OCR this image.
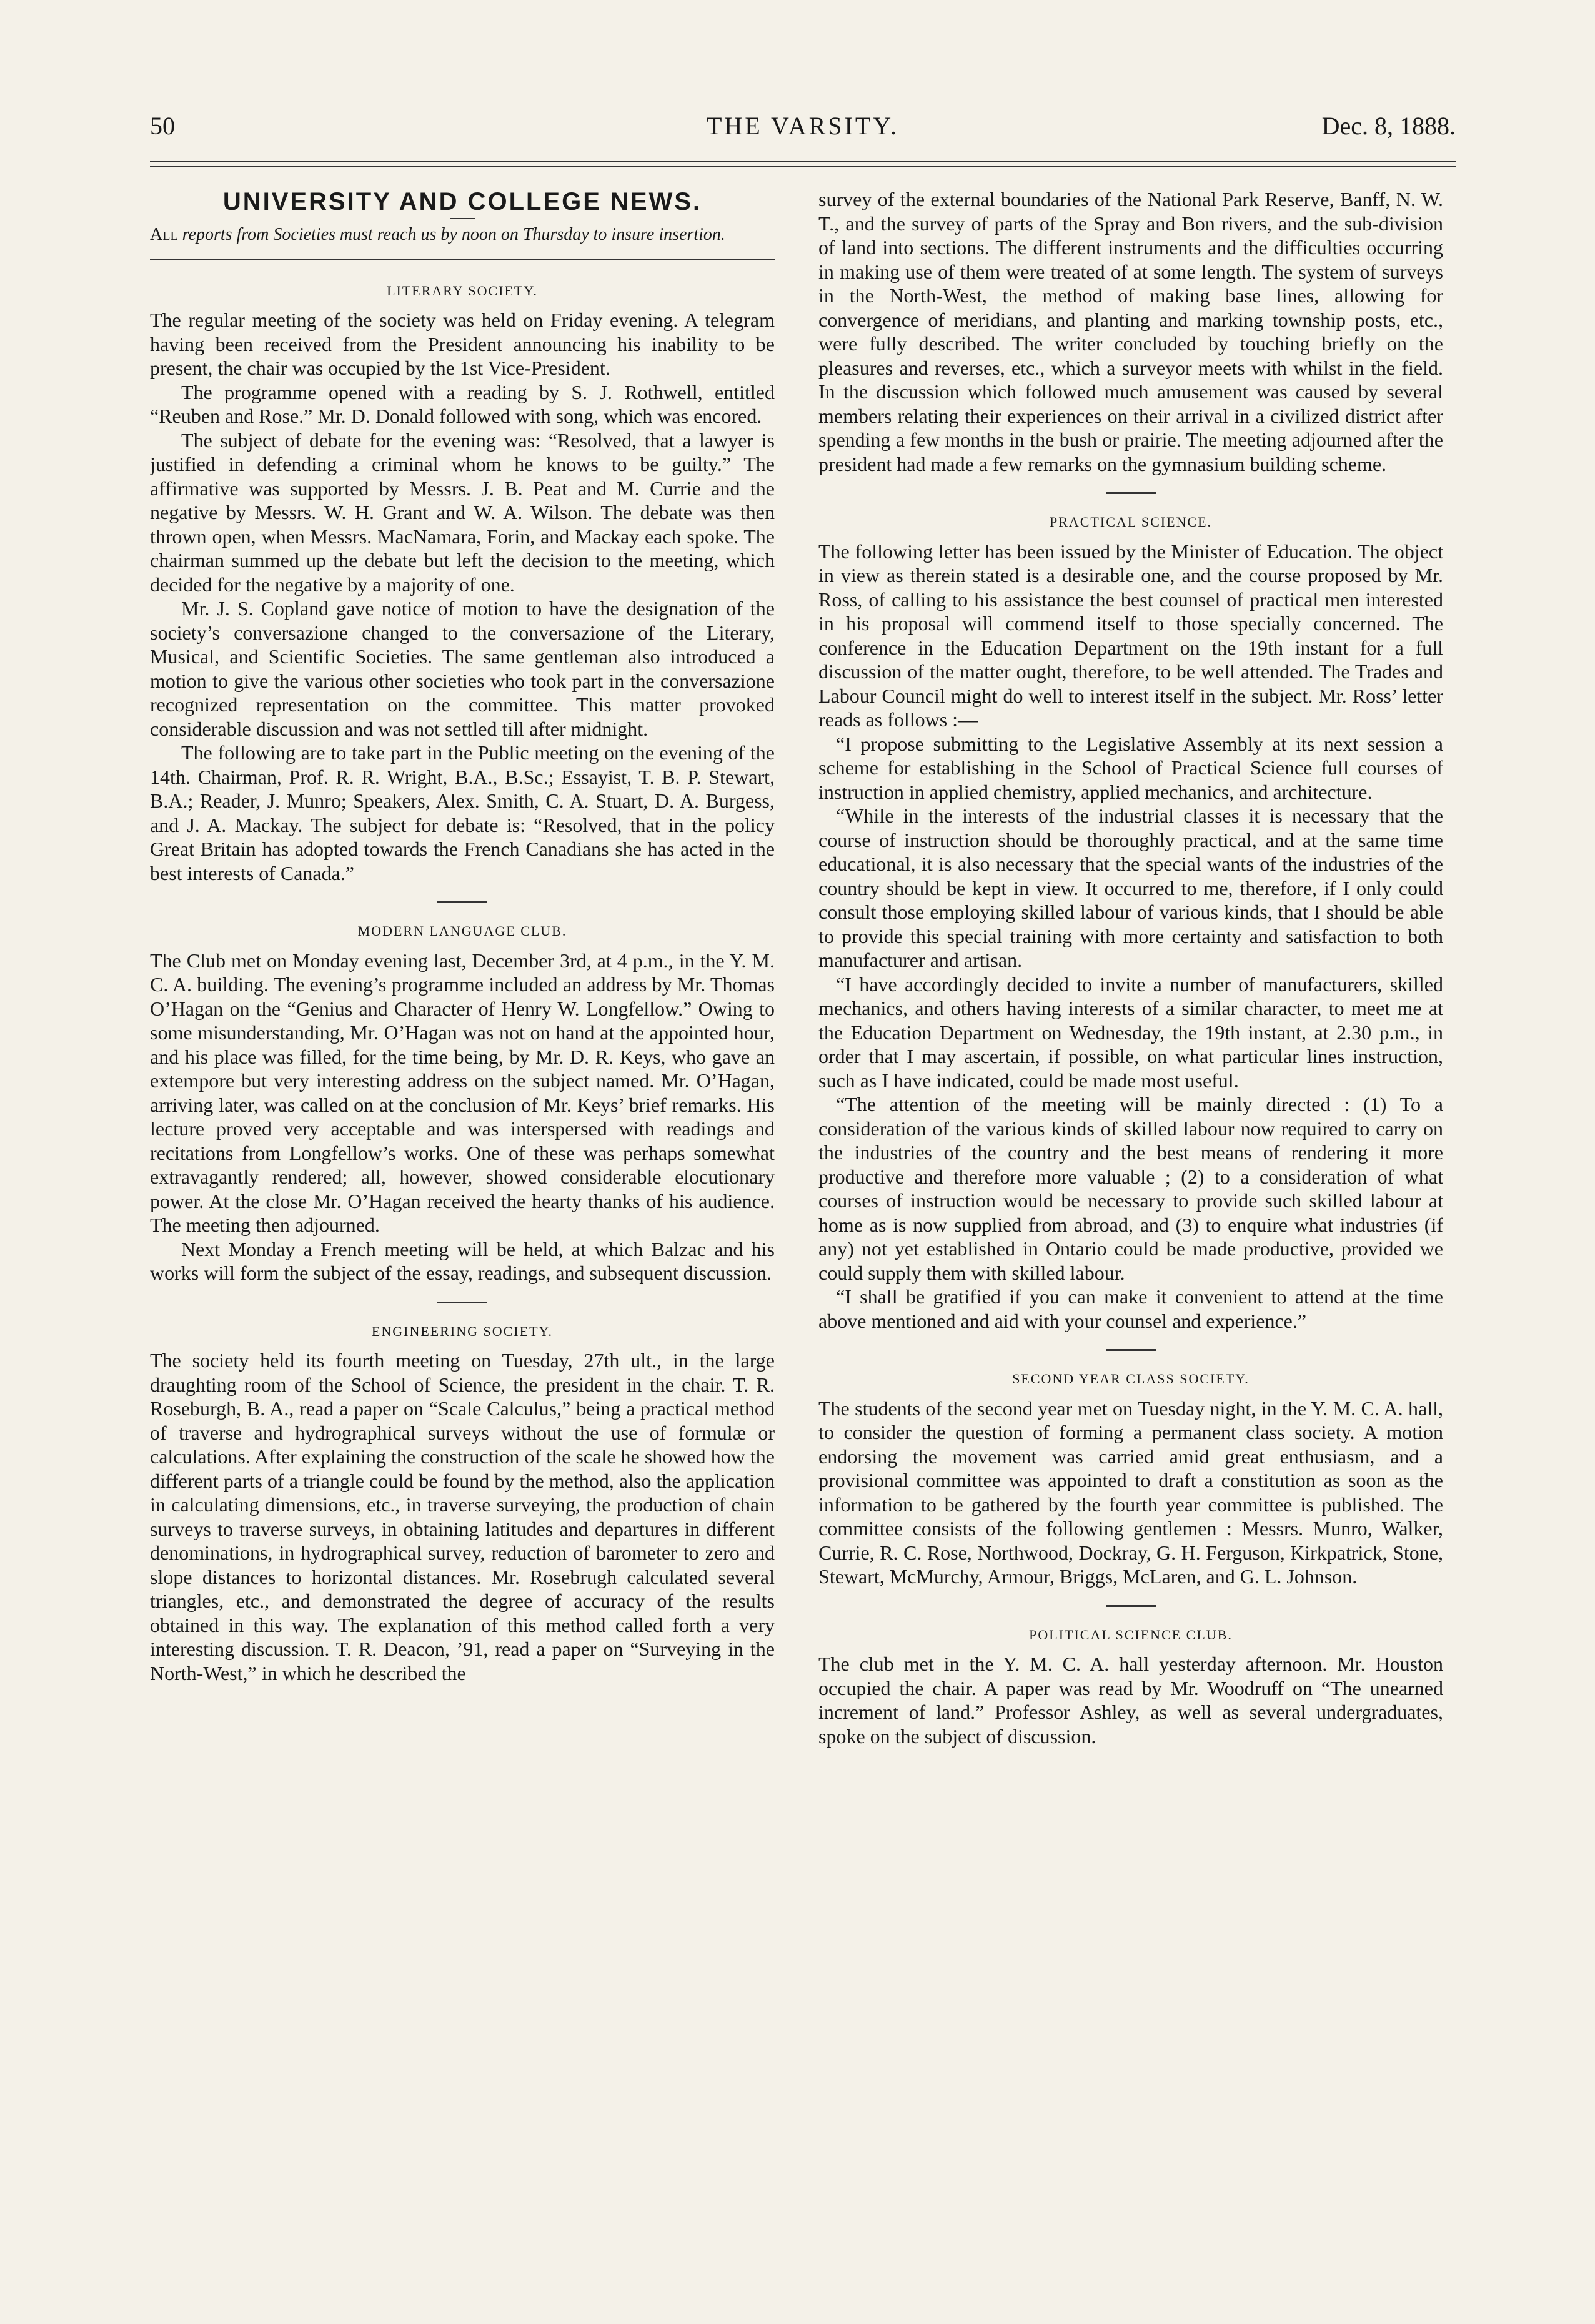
50	THE VARSITY.	Dec. 8, 1888.
UNIVERSITY AND COLLEGE NEWS.
All reports from Societies must reach us by noon on Thursday to insure insertion.
LITERARY SOCIETY.

The regular meeting of the society was held on Friday evening. A telegram having been received from the President announcing his inability to be present, the chair was occupied by the 1st Vice-President.

The programme opened with a reading by S. J. Rothwell, entitled “Reuben and Rose.” Mr. D. Donald followed with song, which was encored.

The subject of debate for the evening was: “Resolved, that a lawyer is justified in defending a criminal whom he knows to be guilty.” The affirmative was supported by Messrs. J. B. Peat and M. Currie and the negative by Messrs. W. H. Grant and W. A. Wilson. The debate was then thrown open, when Messrs. MacNamara, Forin, and Mackay each spoke. The chairman summed up the debate but left the decision to the meeting, which decided for the negative by a majority of one.

Mr. J. S. Copland gave notice of motion to have the designation of the society’s conversazione changed to the conversazione of the Literary, Musical, and Scientific Societies. The same gentleman also introduced a motion to give the various other societies who took part in the conversazione recognized representation on the committee. This matter provoked considerable discussion and was not settled till after midnight.

The following are to take part in the Public meeting on the evening of the 14th. Chairman, Prof. R. R. Wright, B.A., B.Sc.; Essayist, T. B. P. Stewart, B.A.; Reader, J. Munro; Speakers, Alex. Smith, C. A. Stuart, D. A. Burgess, and J. A. Mackay. The subject for debate is: “Resolved, that in the policy Great Britain has adopted towards the French Canadians she has acted in the best interests of Canada.”

MODERN LANGUAGE CLUB.

The Club met on Monday evening last, December 3rd, at 4 p.m., in the Y. M. C. A. building. The evening’s programme included an address by Mr. Thomas O’Hagan on the “Genius and Character of Henry W. Longfellow.” Owing to some misunderstanding, Mr. O’Hagan was not on hand at the appointed hour, and his place was filled, for the time being, by Mr. D. R. Keys, who gave an extempore but very interesting address on the subject named. Mr. O’Hagan, arriving later, was called on at the conclusion of Mr. Keys’ brief remarks. His lecture proved very acceptable and was interspersed with readings and recitations from Longfellow’s works. One of these was perhaps somewhat extravagantly rendered; all, however, showed considerable elocutionary power. At the close Mr. O’Hagan received the hearty thanks of his audience. The meeting then adjourned.

Next Monday a French meeting will be held, at which Balzac and his works will form the subject of the essay, readings, and subsequent discussion.

ENGINEERING SOCIETY.

The society held its fourth meeting on Tuesday, 27th ult., in the large draughting room of the School of Science, the president in the chair. T. R. Roseburgh, B. A., read a paper on “Scale Calculus,” being a practical method of traverse and hydrographical surveys without the use of formulæ or calculations. After explaining the construction of the scale he showed how the different parts of a triangle could be found by the method, also the application in calculating dimensions, etc., in traverse surveying, the production of chain surveys to traverse surveys, in obtaining latitudes and departures in different denominations, in hydrographical survey, reduction of barometer to zero and slope distances to horizontal distances. Mr. Rosebrugh calculated several triangles, etc., and demonstrated the degree of accuracy of the results obtained in this way. The explanation of this method called forth a very interesting discussion. T. R. Deacon, ’91, read a paper on “Surveying in the North-West,” in which he described the

survey of the external boundaries of the National Park Reserve, Banff, N. W. T., and the survey of parts of the Spray and Bon rivers, and the sub-division of land into sections. The different instruments and the difficulties occurring in making use of them were treated of at some length. The system of surveys in the North-West, the method of making base lines, allowing for convergence of meridians, and planting and marking township posts, etc., were fully described. The writer concluded by touching briefly on the pleasures and reverses, etc., which a surveyor meets with whilst in the field. In the discussion which followed much amusement was caused by several members relating their experiences on their arrival in a civilized district after spending a few months in the bush or prairie. The meeting adjourned after the president had made a few remarks on the gymnasium building scheme.

PRACTICAL SCIENCE.

The following letter has been issued by the Minister of Education. The object in view as therein stated is a desirable one, and the course proposed by Mr. Ross, of calling to his assistance the best counsel of practical men interested in his proposal will commend itself to those specially concerned. The conference in the Education Department on the 19th instant for a full discussion of the matter ought, therefore, to be well attended. The Trades and Labour Council might do well to interest itself in the subject. Mr. Ross’ letter reads as follows :—

“I propose submitting to the Legislative Assembly at its next session a scheme for establishing in the School of Practical Science full courses of instruction in applied chemistry, applied mechanics, and architecture.

“While in the interests of the industrial classes it is necessary that the course of instruction should be thoroughly practical, and at the same time educational, it is also necessary that the special wants of the industries of the country should be kept in view. It occurred to me, therefore, if I only could consult those employing skilled labour of various kinds, that I should be able to provide this special training with more certainty and satisfaction to both manufacturer and artisan.

“I have accordingly decided to invite a number of manufacturers, skilled mechanics, and others having interests of a similar character, to meet me at the Education Department on Wednesday, the 19th instant, at 2.30 p.m., in order that I may ascertain, if possible, on what particular lines instruction, such as I have indicated, could be made most useful.

“The attention of the meeting will be mainly directed : (1) To a consideration of the various kinds of skilled labour now required to carry on the industries of the country and the best means of rendering it more productive and therefore more valuable ; (2) to a consideration of what courses of instruction would be necessary to provide such skilled labour at home as is now supplied from abroad, and (3) to enquire what industries (if any) not yet established in Ontario could be made productive, provided we could supply them with skilled labour.

“I shall be gratified if you can make it convenient to attend at the time above mentioned and aid with your counsel and experience.”

SECOND YEAR CLASS SOCIETY.

The students of the second year met on Tuesday night, in the Y. M. C. A. hall, to consider the question of forming a permanent class society. A motion endorsing the movement was carried amid great enthusiasm, and a provisional committee was appointed to draft a constitution as soon as the information to be gathered by the fourth year committee is published. The committee consists of the following gentlemen : Messrs. Munro, Walker, Currie, R. C. Rose, Northwood, Dockray, G. H. Ferguson, Kirkpatrick, Stone, Stewart, McMurchy, Armour, Briggs, McLaren, and G. L. Johnson.

POLITICAL SCIENCE CLUB.

The club met in the Y. M. C. A. hall yesterday afternoon. Mr. Houston occupied the chair. A paper was read by Mr. Woodruff on “The unearned increment of land.” Professor Ashley, as well as several undergraduates, spoke on the subject of discussion.
